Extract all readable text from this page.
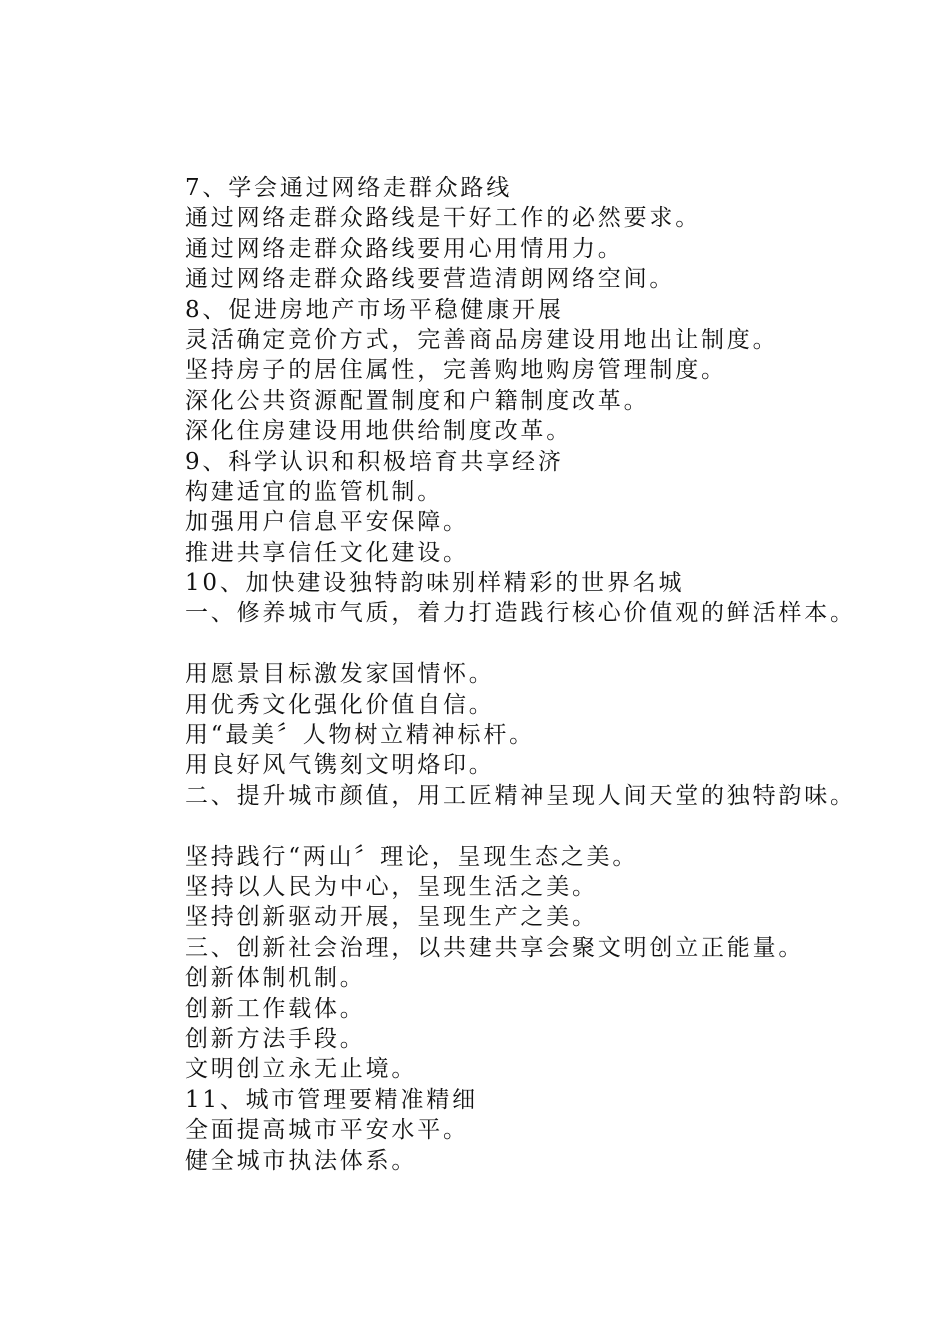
7、学会通过网络走群众路线
通过网络走群众路线是干好工作的必然要求。
通过网络走群众路线要用心用情用力。
通过网络走群众路线要营造清朗网络空间。
8、促进房地产市场平稳健康开展
灵活确定竞价方式，完善商品房建设用地出让制度。
坚持房子的居住属性，完善购地购房管理制度。
深化公共资源配置制度和户籍制度改革。
深化住房建设用地供给制度改革。
9、科学认识和积极培育共享经济
构建适宜的监管机制。
加强用户信息平安保障。
推进共享信任文化建设。
10、加快建设独特韵味别样精彩的世界名城
一、修养城市气质，着力打造践行核心价值观的鲜活样本。
用愿景目标激发家国情怀。
用优秀文化强化价值自信。
用“最美〞人物树立精神标杆。
用良好风气镌刻文明烙印。
二、提升城市颜值，用工匠精神呈现人间天堂的独特韵味。
坚持践行“两山〞理论，呈现生态之美。
坚持以人民为中心，呈现生活之美。
坚持创新驱动开展，呈现生产之美。
三、创新社会治理，以共建共享会聚文明创立正能量。
创新体制机制。
创新工作载体。
创新方法手段。
文明创立永无止境。
11、城市管理要精准精细
全面提高城市平安水平。
健全城市执法体系。
